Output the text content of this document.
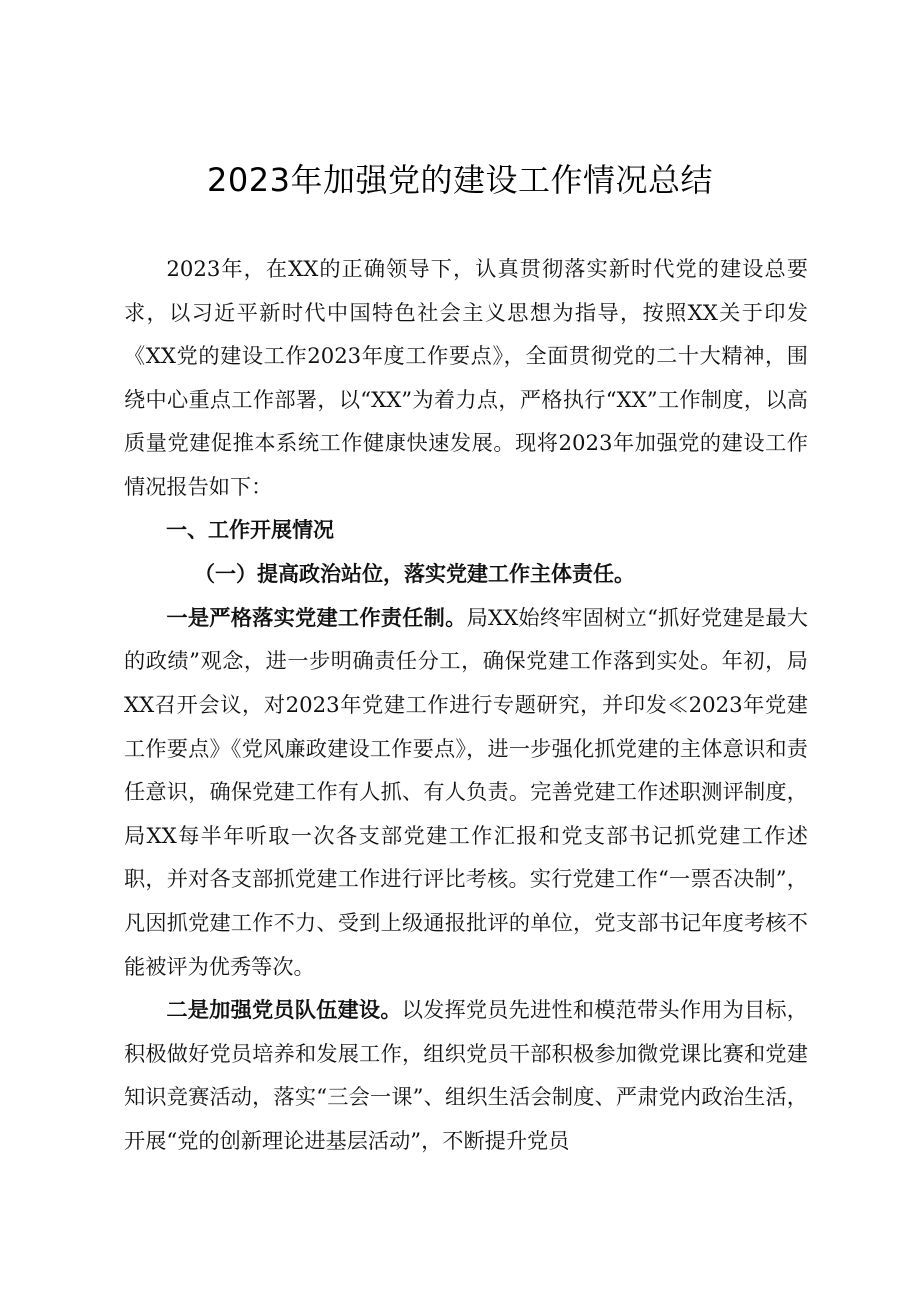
2023年加强党的建设工作情况总结

2023年，在XX的正确领导下，认真贯彻落实新时代党的建设总要求，以习近平新时代中国特色社会主义思想为指导，按照XX关于印发《XX党的建设工作2023年度工作要点》，全面贯彻党的二十大精神，围绕中心重点工作部署，以“XX”为着力点，严格执行“XX”工作制度，以高质量党建促推本系统工作健康快速发展。现将2023年加强党的建设工作情况报告如下：

一、工作开展情况

（一）提高政治站位，落实党建工作主体责任。

一是严格落实党建工作责任制。局XX始终牢固树立“抓好党建是最大的政绩”观念，进一步明确责任分工，确保党建工作落到实处。年初，局XX召开会议，对2023年党建工作进行专题研究，并印发≪2023年党建工作要点》《党风廉政建设工作要点》，进一步强化抓党建的主体意识和责任意识，确保党建工作有人抓、有人负责。完善党建工作述职测评制度，局XX每半年听取一次各支部党建工作汇报和党支部书记抓党建工作述职，并对各支部抓党建工作进行评比考核。实行党建工作“一票否决制”，凡因抓党建工作不力、受到上级通报批评的单位，党支部书记年度考核不能被评为优秀等次。

二是加强党员队伍建设。以发挥党员先进性和模范带头作用为目标，积极做好党员培养和发展工作，组织党员干部积极参加微党课比赛和党建知识竞赛活动，落实“三会一课”、组织生活会制度、严肃党内政治生活，开展“党的创新理论进基层活动”，不断提升党员
